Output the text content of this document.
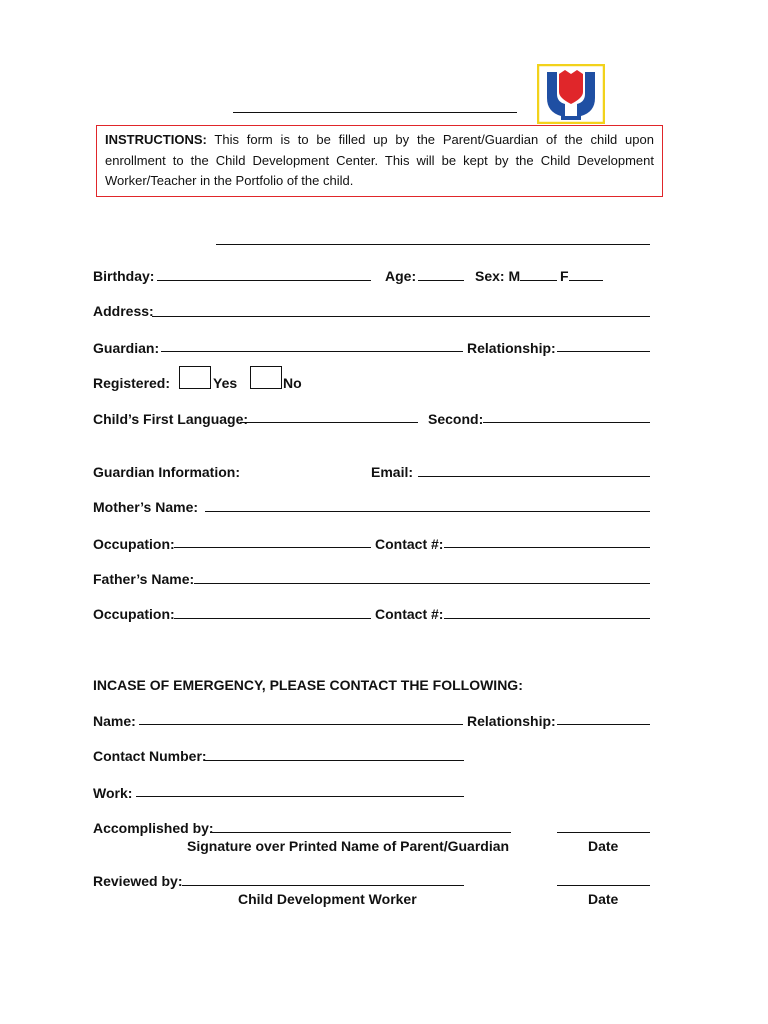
INSTRUCTIONS: This form is to be filled up by the Parent/Guardian of the child upon enrollment to the Child Development Center. This will be kept by the Child Development Worker/Teacher in the Portfolio of the child.
Birthday:	Age:	Sex: M	F
Address:
Guardian:	Relationship:
Registered:	Yes	No
Child’s First Language:	Second:
Guardian Information:	Email:
Mother’s Name:
Occupation:	Contact #:
Father’s Name:
Occupation:	Contact #:
INCASE OF EMERGENCY, PLEASE CONTACT THE FOLLOWING:
Name:	Relationship:
Contact Number:
Work:
Accomplished by:
Signature over Printed Name of Parent/Guardian	Date
Reviewed by:
Child Development Worker	Date
